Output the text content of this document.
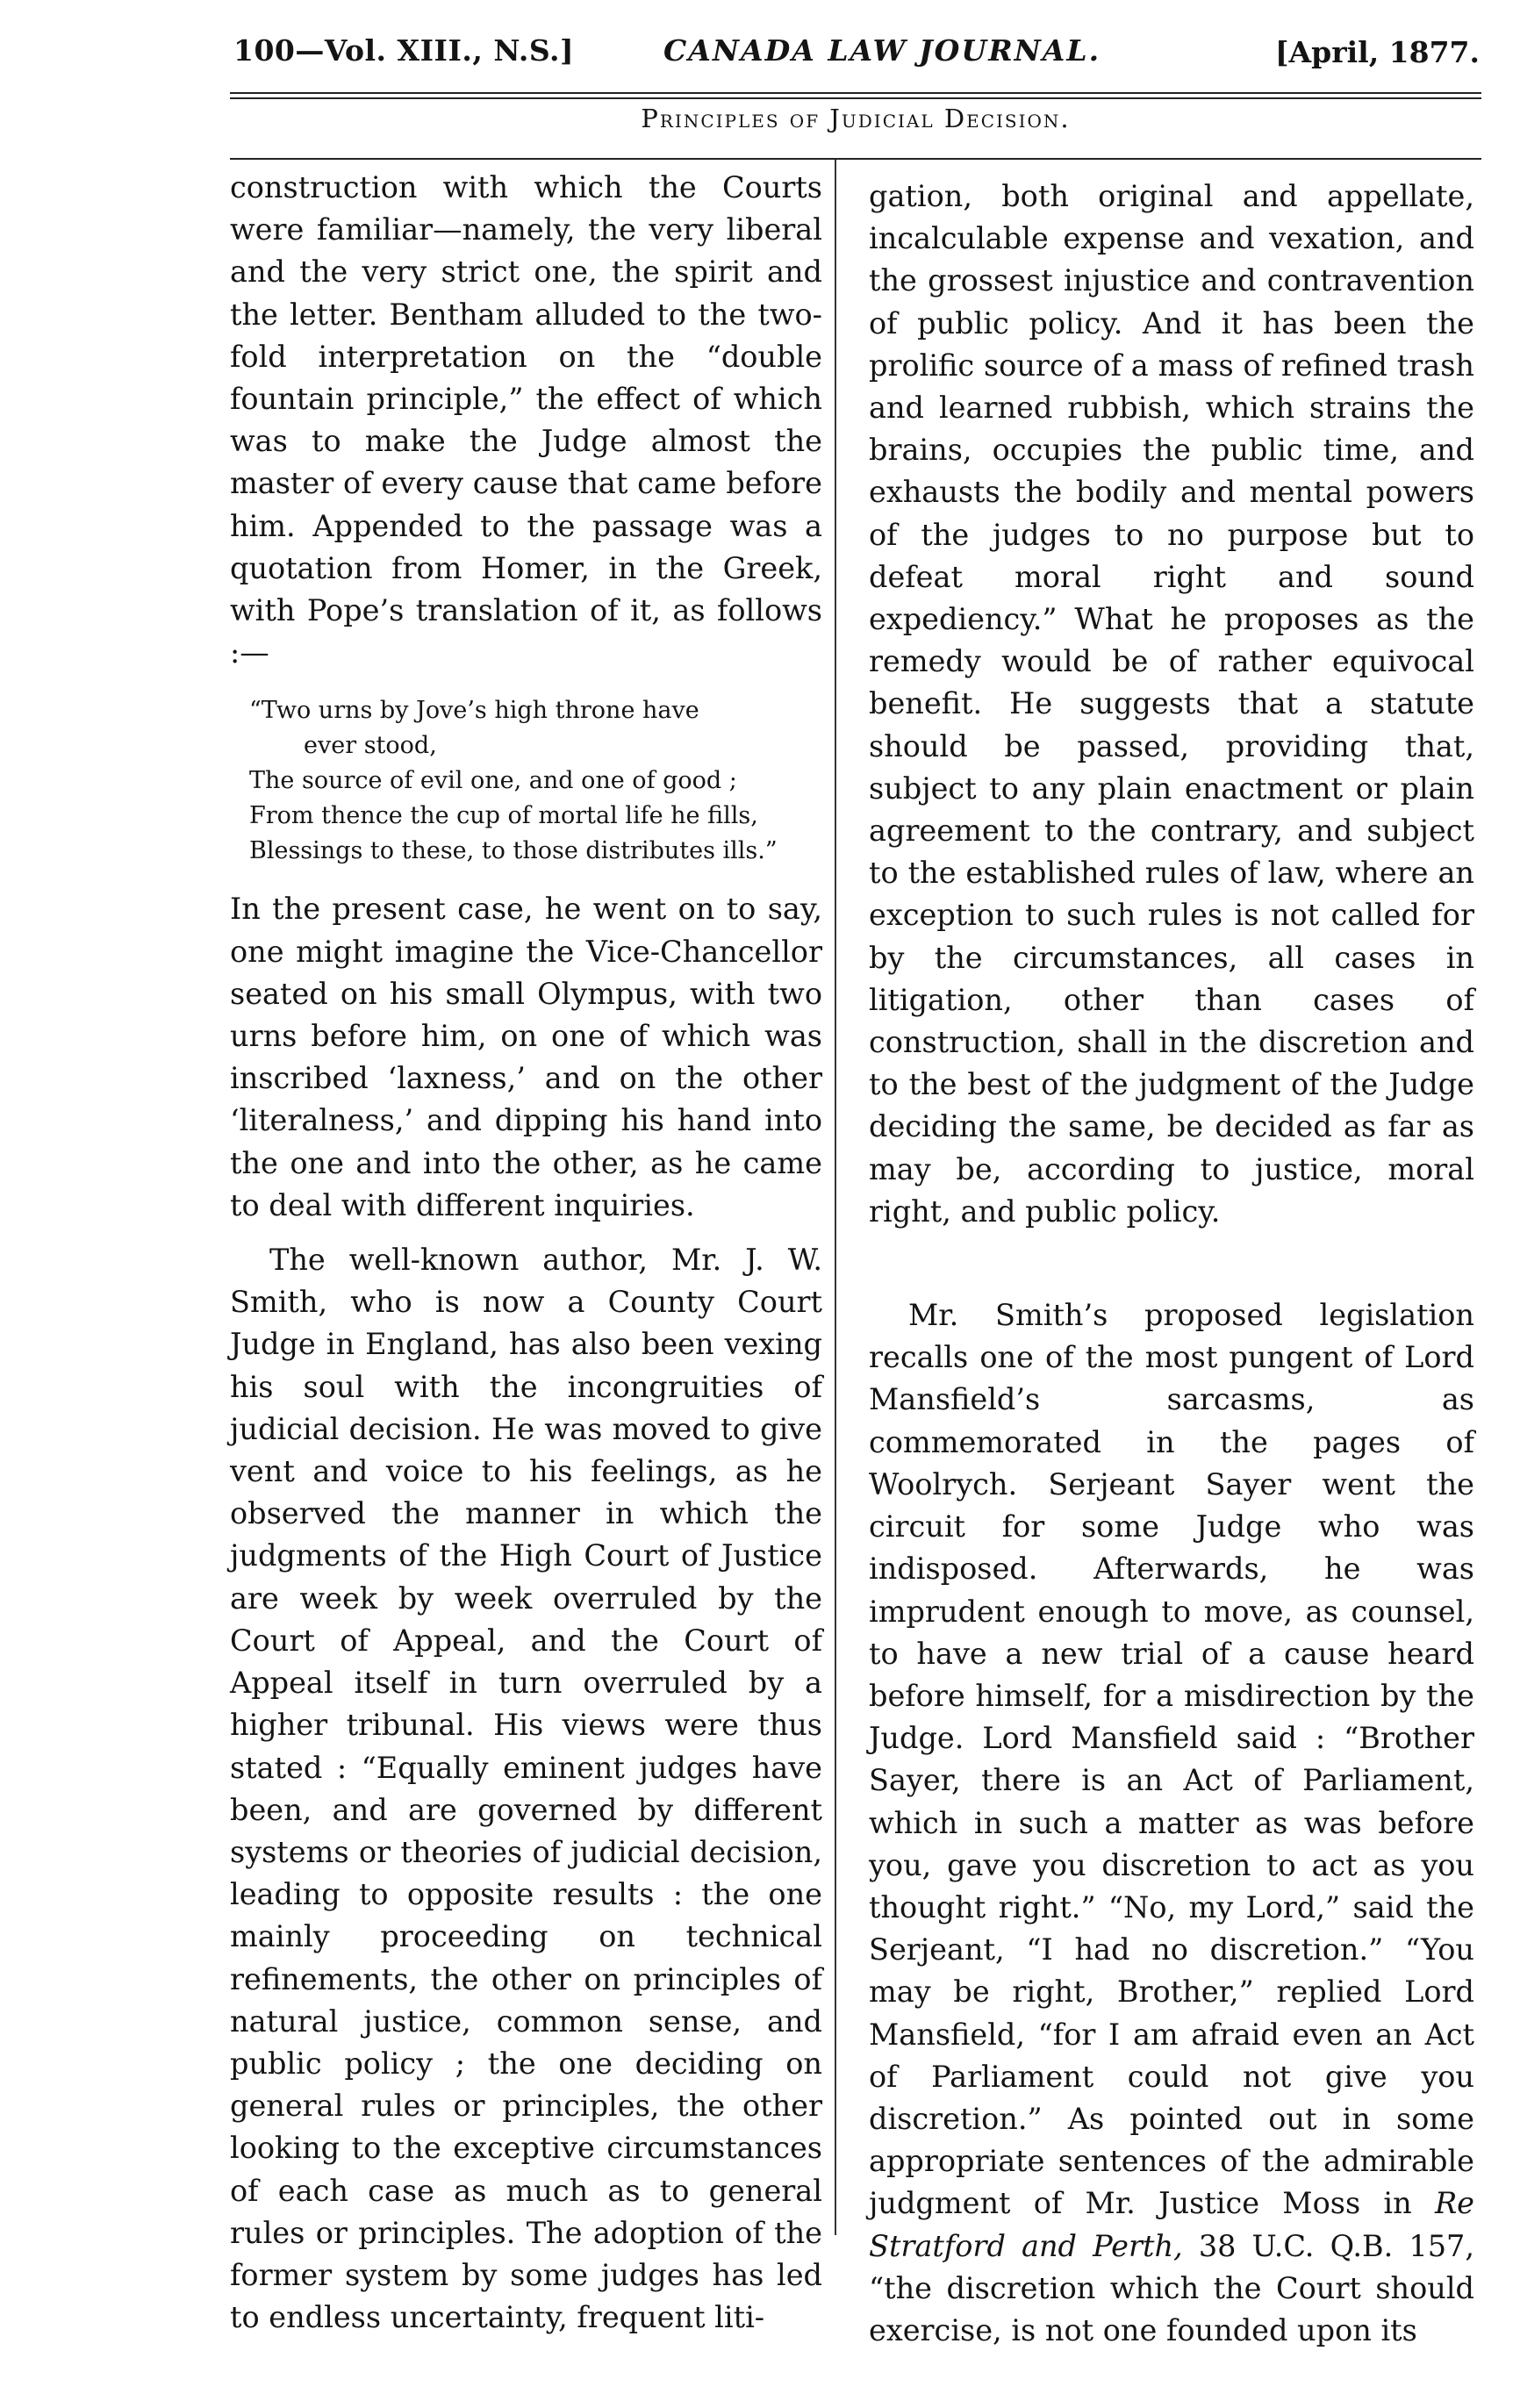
100—Vol. XIII., N.S.]	CANADA LAW JOURNAL.	[April, 1877.
Principles of Judicial Decision.

construction with which the Courts were familiar—namely, the very liberal and the very strict one, the spirit and the letter. Bentham alluded to the two-fold interpretation on the “double fountain principle,” the effect of which was to make the Judge almost the master of every cause that came before him. Appended to the passage was a quotation from Homer, in the Greek, with Pope’s translation of it, as follows :—

“Two urns by Jove’s high throne have
ever stood,
The source of evil one, and one of good ;
From thence the cup of mortal life he fills,
Blessings to these, to those distributes ills.”

In the present case, he went on to say, one might imagine the Vice-Chancellor seated on his small Olympus, with two urns before him, on one of which was inscribed ‘laxness,’ and on the other ‘literalness,’ and dipping his hand into the one and into the other, as he came to deal with different inquiries.

The well-known author, Mr. J. W. Smith, who is now a County Court Judge in England, has also been vexing his soul with the incongruities of judicial decision. He was moved to give vent and voice to his feelings, as he observed the manner in which the judgments of the High Court of Justice are week by week overruled by the Court of Appeal, and the Court of Appeal itself in turn overruled by a higher tribunal. His views were thus stated : “Equally eminent judges have been, and are governed by different systems or theories of judicial decision, leading to opposite results : the one mainly proceeding on technical refinements, the other on principles of natural justice, common sense, and public policy ; the one deciding on general rules or principles, the other looking to the exceptive circumstances of each case as much as to general rules or principles. The adoption of the former system by some judges has led to endless uncertainty, frequent liti-

gation, both original and appellate, incalculable expense and vexation, and the grossest injustice and contravention of public policy. And it has been the prolific source of a mass of refined trash and learned rubbish, which strains the brains, occupies the public time, and exhausts the bodily and mental powers of the judges to no purpose but to defeat moral right and sound expediency.” What he proposes as the remedy would be of rather equivocal benefit. He suggests that a statute should be passed, providing that, subject to any plain enactment or plain agreement to the contrary, and subject to the established rules of law, where an exception to such rules is not called for by the circumstances, all cases in litigation, other than cases of construction, shall in the discretion and to the best of the judgment of the Judge deciding the same, be decided as far as may be, according to justice, moral right, and public policy.

Mr. Smith’s proposed legislation recalls one of the most pungent of Lord Mansfield’s sarcasms, as commemorated in the pages of Woolrych. Serjeant Sayer went the circuit for some Judge who was indisposed. Afterwards, he was imprudent enough to move, as counsel, to have a new trial of a cause heard before himself, for a misdirection by the Judge. Lord Mansfield said : “Brother Sayer, there is an Act of Parliament, which in such a matter as was before you, gave you discretion to act as you thought right.” “No, my Lord,” said the Serjeant, “I had no discretion.” “You may be right, Brother,” replied Lord Mansfield, “for I am afraid even an Act of Parliament could not give you discretion.” As pointed out in some appropriate sentences of the admirable judgment of Mr. Justice Moss in Re Stratford and Perth, 38 U.C. Q.B. 157, “the discretion which the Court should exercise, is not one founded upon its
